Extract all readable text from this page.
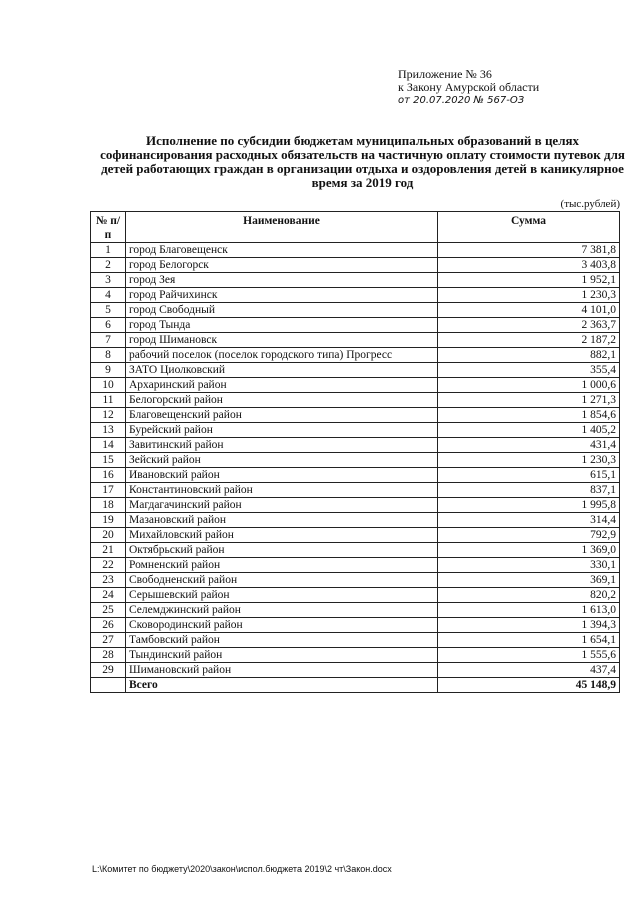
Приложение № 36
к Закону Амурской области
от 20.07.2020 № 567-ОЗ
Исполнение по субсидии бюджетам муниципальных образований в целях софинансирования расходных обязательств на частичную оплату стоимости путевок для детей работающих граждан в организации отдыха и оздоровления детей в каникулярное время за 2019 год
(тыс.рублей)
№ п/п	Наименование	Сумма
1	город Благовещенск	7 381,8
2	город Белогорск	3 403,8
3	город Зея	1 952,1
4	город Райчихинск	1 230,3
5	город Свободный	4 101,0
6	город Тында	2 363,7
7	город Шимановск	2 187,2
8	рабочий поселок (поселок городского типа) Прогресс	882,1
9	ЗАТО Циолковский	355,4
10	Архаринский район	1 000,6
11	Белогорский район	1 271,3
12	Благовещенский район	1 854,6
13	Бурейский район	1 405,2
14	Завитинский район	431,4
15	Зейский район	1 230,3
16	Ивановский район	615,1
17	Константиновский район	837,1
18	Магдагачинский район	1 995,8
19	Мазановский район	314,4
20	Михайловский район	792,9
21	Октябрьский район	1 369,0
22	Ромненский район	330,1
23	Свободненский район	369,1
24	Серышевский район	820,2
25	Селемджинский район	1 613,0
26	Сковородинский район	1 394,3
27	Тамбовский район	1 654,1
28	Тындинский район	1 555,6
29	Шимановский район	437,4
	Всего	45 148,9
L:\Комитет по бюджету\2020\закон\испол.бюджета 2019\2 чт\Закон.docx
